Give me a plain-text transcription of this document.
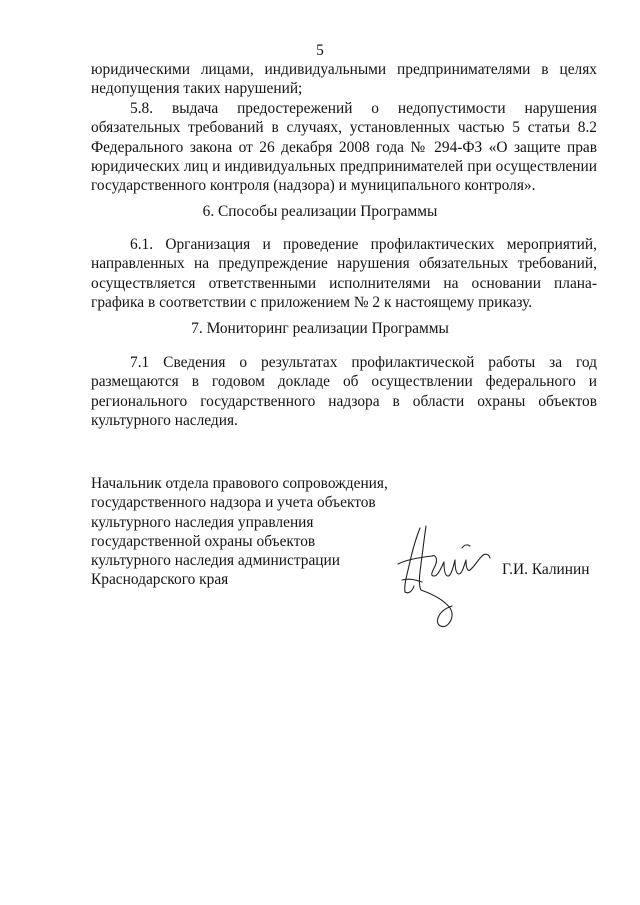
5
юридическими лицами, индивидуальными предпринимателями в целях недопущения таких нарушений;
5.8. выдача предостережений о недопустимости нарушения обязательных требований в случаях, установленных частью 5 статьи 8.2 Федерального закона от 26 декабря 2008 года № 294-ФЗ «О защите прав юридических лиц и индивидуальных предпринимателей при осуществлении государственного контроля (надзора) и муниципального контроля».
6. Способы реализации Программы
6.1. Организация и проведение профилактических мероприятий, направленных на предупреждение нарушения обязательных требований, осуществляется ответственными исполнителями на основании плана-графика в соответствии с приложением № 2 к настоящему приказу.
7. Мониторинг реализации Программы
7.1 Сведения о результатах профилактической работы за год размещаются в годовом докладе об осуществлении федерального и регионального государственного надзора в области охраны объектов культурного наследия.
Начальник отдела правового сопровождения,
государственного надзора и учета объектов
культурного наследия управления
государственной охраны объектов
культурного наследия администрации
Краснодарского края
Г.И. Калинин
